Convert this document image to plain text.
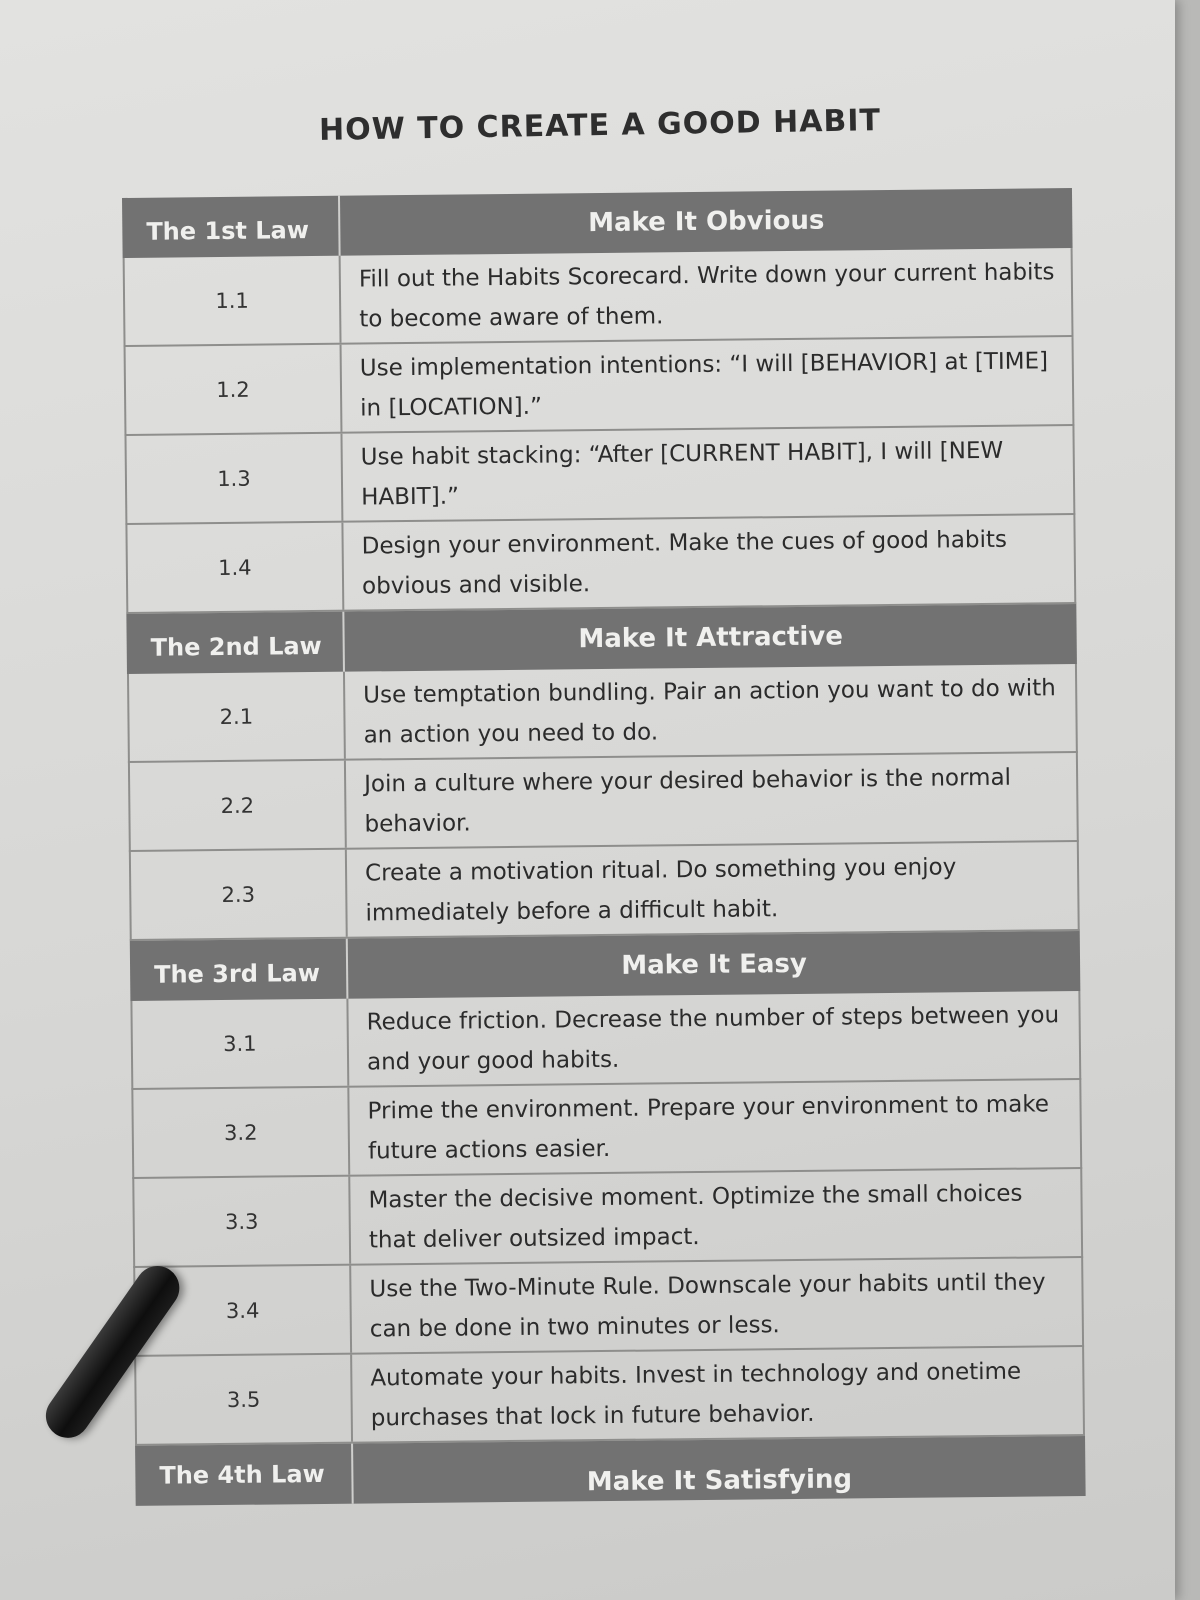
HOW TO CREATE A GOOD HABIT
The 1st Law	Make It Obvious
1.1
Fill out the Habits Scorecard. Write down your current habits to become aware of them.
1.2
Use implementation intentions: “I will [BEHAVIOR] at [TIME] in [LOCATION].”
1.3
Use habit stacking: “After [CURRENT HABIT], I will [NEW HABIT].”
1.4
Design your environment. Make the cues of good habits obvious and visible.
The 2nd Law	Make It Attractive
2.1
Use temptation bundling. Pair an action you want to do with an action you need to do.
2.2
Join a culture where your desired behavior is the normal behavior.
2.3
Create a motivation ritual. Do something you enjoy immediately before a difficult habit.
The 3rd Law	Make It Easy
3.1
Reduce friction. Decrease the number of steps between you and your good habits.
3.2
Prime the environment. Prepare your environment to make future actions easier.
3.3
Master the decisive moment. Optimize the small choices that deliver outsized impact.
3.4
Use the Two-Minute Rule. Downscale your habits until they can be done in two minutes or less.
3.5
Automate your habits. Invest in technology and onetime purchases that lock in future behavior.
The 4th Law	Make It Satisfying
